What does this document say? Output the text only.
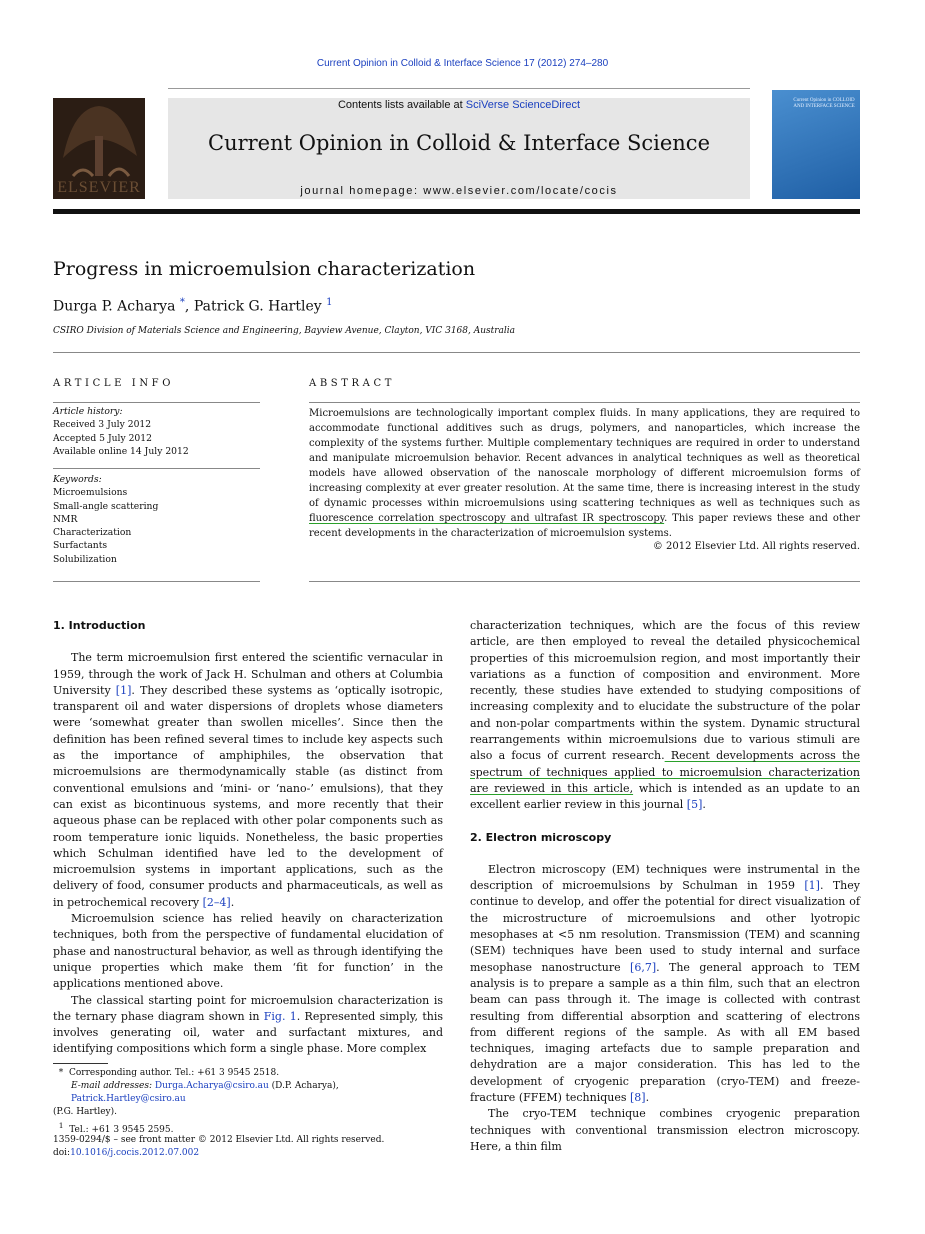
Current Opinion in Colloid & Interface Science 17 (2012) 274–280
ELSEVIER
Contents lists available at SciVerse ScienceDirect
Current Opinion in Colloid & Interface Science
journal homepage: www.elsevier.com/locate/cocis
Current Opinion in COLLOID AND INTERFACE SCIENCE
Progress in microemulsion characterization
Durga P. Acharya *, Patrick G. Hartley $^1$
CSIRO Division of Materials Science and Engineering, Bayview Avenue, Clayton, VIC 3168, Australia
ARTICLE INFO
Article history:
Received 3 July 2012
Accepted 5 July 2012
Available online 14 July 2012
Keywords:
Microemulsions
Small-angle scattering
NMR
Characterization
Surfactants
Solubilization
ABSTRACT
Microemulsions are technologically important complex fluids. In many applications, they are required to accommodate functional additives such as drugs, polymers, and nanoparticles, which increase the complexity of the systems further. Multiple complementary techniques are required in order to understand and manipulate microemulsion behavior. Recent advances in analytical techniques as well as theoretical models have allowed observation of the nanoscale morphology of different microemulsion forms of increasing complexity at ever greater resolution. At the same time, there is increasing interest in the study of dynamic processes within microemulsions using scattering techniques as well as techniques such as fluorescence correlation spectroscopy and ultrafast IR spectroscopy. This paper reviews these and other recent developments in the characterization of microemulsion systems.
© 2012 Elsevier Ltd. All rights reserved.
1. Introduction

The term microemulsion first entered the scientific vernacular in 1959, through the work of Jack H. Schulman and others at Columbia University [1]. They described these systems as ‘optically isotropic, transparent oil and water dispersions of droplets whose diameters were ‘somewhat greater than swollen micelles’. Since then the definition has been refined several times to include key aspects such as the importance of amphiphiles, the observation that microemulsions are thermodynamically stable (as distinct from conventional emulsions and ‘mini- or ‘nano-’ emulsions), that they can exist as bicontinuous systems, and more recently that their aqueous phase can be replaced with other polar components such as room temperature ionic liquids. Nonetheless, the basic properties which Schulman identified have led to the development of microemulsion systems in important applications, such as the delivery of food, consumer products and pharmaceuticals, as well as in petrochemical recovery [2–4].

Microemulsion science has relied heavily on characterization techniques, both from the perspective of fundamental elucidation of phase and nanostructural behavior, as well as through identifying the unique properties which make them ‘fit for function’ in the applications mentioned above.

The classical starting point for microemulsion characterization is the ternary phase diagram shown in Fig. 1. Represented simply, this involves generating oil, water and surfactant mixtures, and identifying compositions which form a single phase. More complex

characterization techniques, which are the focus of this review article, are then employed to reveal the detailed physicochemical properties of this microemulsion region, and most importantly their variations as a function of composition and environment. More recently, these studies have extended to studying compositions of increasing complexity and to elucidate the substructure of the polar and non-polar compartments within the system. Dynamic structural rearrangements within microemulsions due to various stimuli are also a focus of current research. Recent developments across the spectrum of techniques applied to microemulsion characterization are reviewed in this article, which is intended as an update to an excellent earlier review in this journal [5].

2. Electron microscopy

Electron microscopy (EM) techniques were instrumental in the description of microemulsions by Schulman in 1959 [1]. They continue to develop, and offer the potential for direct visualization of the microstructure of microemulsions and other lyotropic mesophases at <5 nm resolution. Transmission (TEM) and scanning (SEM) techniques have been used to study internal and surface mesophase nanostructure [6,7]. The general approach to TEM analysis is to prepare a sample as a thin film, such that an electron beam can pass through it. The image is collected with contrast resulting from differential absorption and scattering of electrons from different regions of the sample. As with all EM based techniques, imaging artefacts due to sample preparation and dehydration are a major consideration. This has led to the development of cryogenic preparation (cryo-TEM) and freeze-fracture (FFEM) techniques [8].

The cryo-TEM technique combines cryogenic preparation techniques with conventional transmission electron microscopy. Here, a thin film

* Corresponding author. Tel.: +61 3 9545 2518.
E-mail addresses: Durga.Acharya@csiro.au (D.P. Acharya), Patrick.Hartley@csiro.au
(P.G. Hartley).
$^1$ Tel.: +61 3 9545 2595.
1359-0294/$ – see front matter © 2012 Elsevier Ltd. All rights reserved.
doi:10.1016/j.cocis.2012.07.002
